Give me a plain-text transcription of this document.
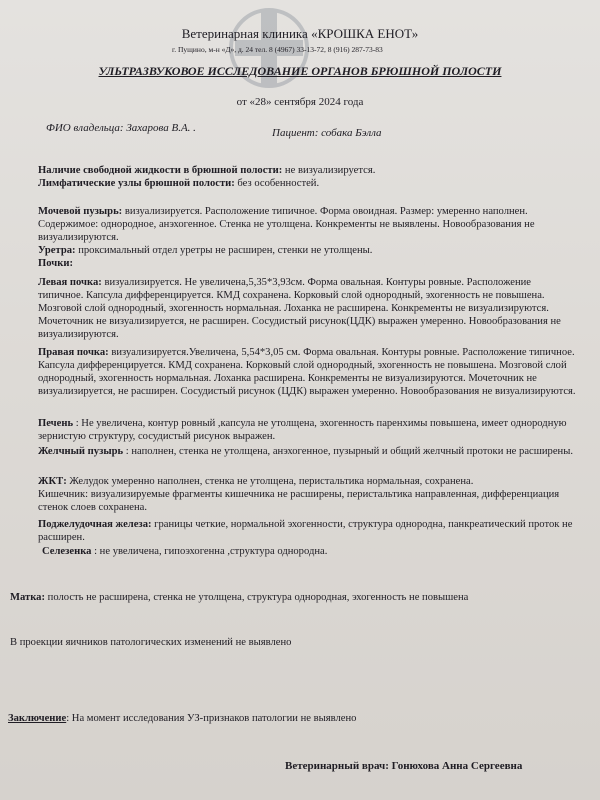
Ветеринарная клиника «КРОШКА ЕНОТ»
г. Пущино, м-н «Д», д. 24 тел. 8 (4967) 33-13-72, 8 (916) 287-73-83
УЛЬТРАЗВУКОВОЕ ИССЛЕДОВАНИЕ ОРГАНОВ БРЮШНОЙ ПОЛОСТИ
от «28» сентября 2024 года
ФИО владельца: Захарова В.А. .	Пациент: собака Бэлла
Наличие свободной жидкости в брюшной полости: не визуализируется.
Лимфатические узлы брюшной полости: без особенностей.
Мочевой пузырь: визуализируется. Расположение типичное. Форма овоидная. Размер: умеренно наполнен. Содержимое: однородное, анэхогенное. Стенка не утолщена. Конкременты не выявлены. Новообразования не визуализируются.
Уретра: проксимальный отдел уретры не расширен, стенки не утолщены.
Почки:
Левая почка: визуализируется. Не увеличена,5,35*3,93см. Форма овальная. Контуры ровные. Расположение типичное. Капсула дифференцируется. КМД сохранена. Корковый слой однородный, эхогенность не повышена. Мозговой слой однородный, эхогенность нормальная. Лоханка не расширена. Конкременты не визуализируются. Мочеточник не визуализируется, не расширен. Сосудистый рисунок(ЦДК) выражен умеренно. Новообразования не визуализируются.
Правая почка: визуализируется.Увеличена, 5,54*3,05 см. Форма овальная. Контуры ровные. Расположение типичное. Капсула дифференцируется. КМД сохранена. Корковый слой однородный, эхогенность не повышена. Мозговой слой однородный, эхогенность нормальная. Лоханка расширена. Конкременты не визуализируются. Мочеточник не визуализируется, не расширен. Сосудистый рисунок (ЦДК) выражен умеренно. Новообразования не визуализируются.
Печень : Не увеличена, контур ровный ,капсула не утолщена, эхогенность паренхимы повышена, имеет однородную зернистую структуру, сосудистый рисунок выражен.
Желчный пузырь : наполнен, стенка не утолщена, анэхогенное, пузырный и общий желчный протоки не расширены.
ЖКТ: Желудок умеренно наполнен, стенка не утолщена, перистальтика нормальная, сохранена.
Кишечник: визуализируемые фрагменты кишечника не расширены, перистальтика направленная, дифференциация стенок слоев сохранена.
Поджелудочная железа: границы четкие, нормальной эхогенности, структура однородна, панкреатический проток не расширен.
Селезенка : не увеличена, гипоэхогенна ,структура однородна.
Матка: полость не расширена, стенка не утолщена, структура однородная, эхогенность не повышена
В проекции яичников патологических изменений не выявлено
Заключение: На момент исследования УЗ-признаков патологии не выявлено
Ветеринарный врач: Гонюхова Анна Сергеевна
